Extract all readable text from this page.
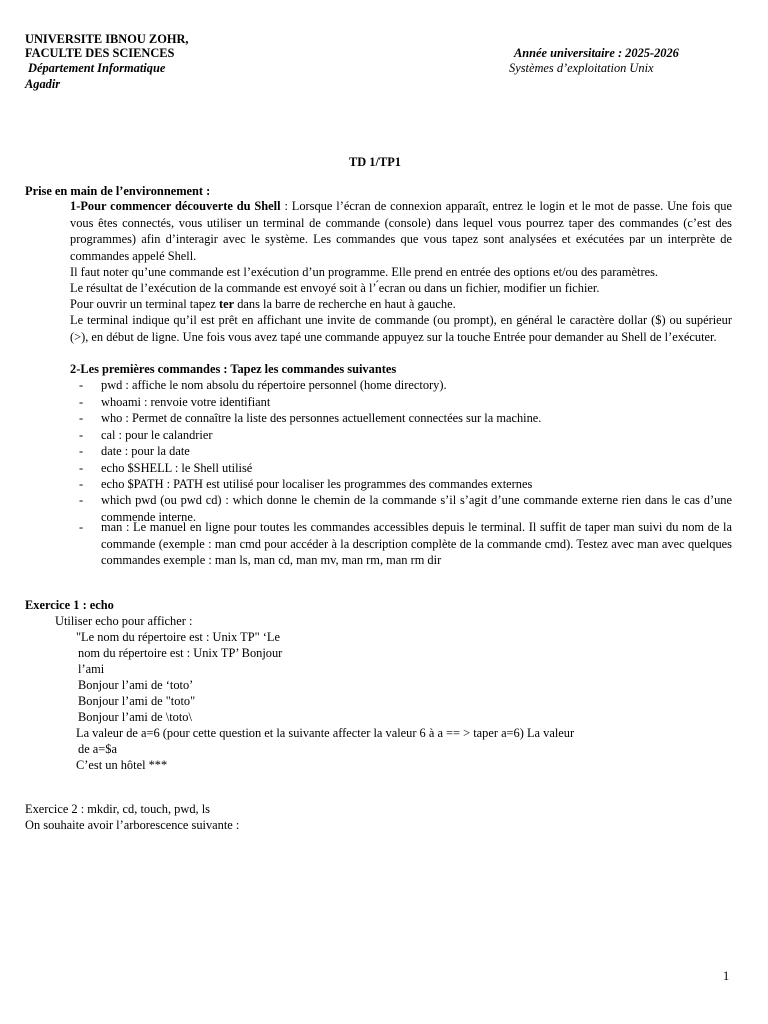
UNIVERSITE IBNOU ZOHR,
FACULTE DES SCIENCES
Département Informatique
Agadir
Année universitaire : 2025-2026
Systèmes d’exploitation Unix
TD 1/TP1
Prise en main de l’environnement :
1-Pour commencer découverte du Shell : Lorsque l’écran de connexion apparaît, entrez le login et le mot de passe. Une fois que vous êtes connectés, vous utiliser un terminal de commande (console) dans lequel vous pourrez taper des commandes (c’est des programmes) afin d’interagir avec le système. Les commandes que vous tapez sont analysées et exécutées par un interprète de commandes appelé Shell.
Il faut noter qu’une commande est l’exécution d’un programme. Elle prend en entrée des options et/ou des paramètres.
Le résultat de l’exécution de la commande est envoyé soit à l’ ́ecran ou dans un fichier, modifier un fichier.
Pour ouvrir un terminal tapez ter dans la barre de recherche en haut à gauche.
Le terminal indique qu’il est prêt en affichant une invite de commande (ou prompt), en général le caractère dollar ($) ou supérieur (>), en début de ligne. Une fois vous avez tapé une commande appuyez sur la touche Entrée pour demander au Shell de l’exécuter.
2-Les premières commandes : Tapez les commandes suivantes
- pwd : affiche le nom absolu du répertoire personnel (home directory).
- whoami : renvoie votre identifiant
- who : Permet de connaître la liste des personnes actuellement connectées sur la machine.
- cal : pour le calandrier
- date : pour la date
- echo $SHELL : le Shell utilisé
- echo $PATH : PATH est utilisé pour localiser les programmes des commandes externes
- which pwd (ou pwd cd) : which donne le chemin de la commande s’il s’agit d’une commande externe rien dans le cas d’une commende interne.
- man : Le manuel en ligne pour toutes les commandes accessibles depuis le terminal. Il suffit de taper man suivi du nom de la commande (exemple : man cmd pour accéder à la description complète de la commande cmd). Testez avec man avec quelques commandes exemple : man ls, man cd, man mv, man rm, man rm dir
Exercice 1 : echo
Utiliser echo pour afficher :
"Le nom du répertoire est : Unix TP" ‘Le
nom du répertoire est : Unix TP’ Bonjour
l’ami
Bonjour l’ami de ‘toto’
Bonjour l’ami de "toto"
Bonjour l’ami de \toto\
La valeur de a=6 (pour cette question et la suivante affecter la valeur 6 à a == > taper a=6) La valeur
de a=$a
C’est un hôtel ***
Exercice 2 : mkdir, cd, touch, pwd, ls
On souhaite avoir l’arborescence suivante :
1
